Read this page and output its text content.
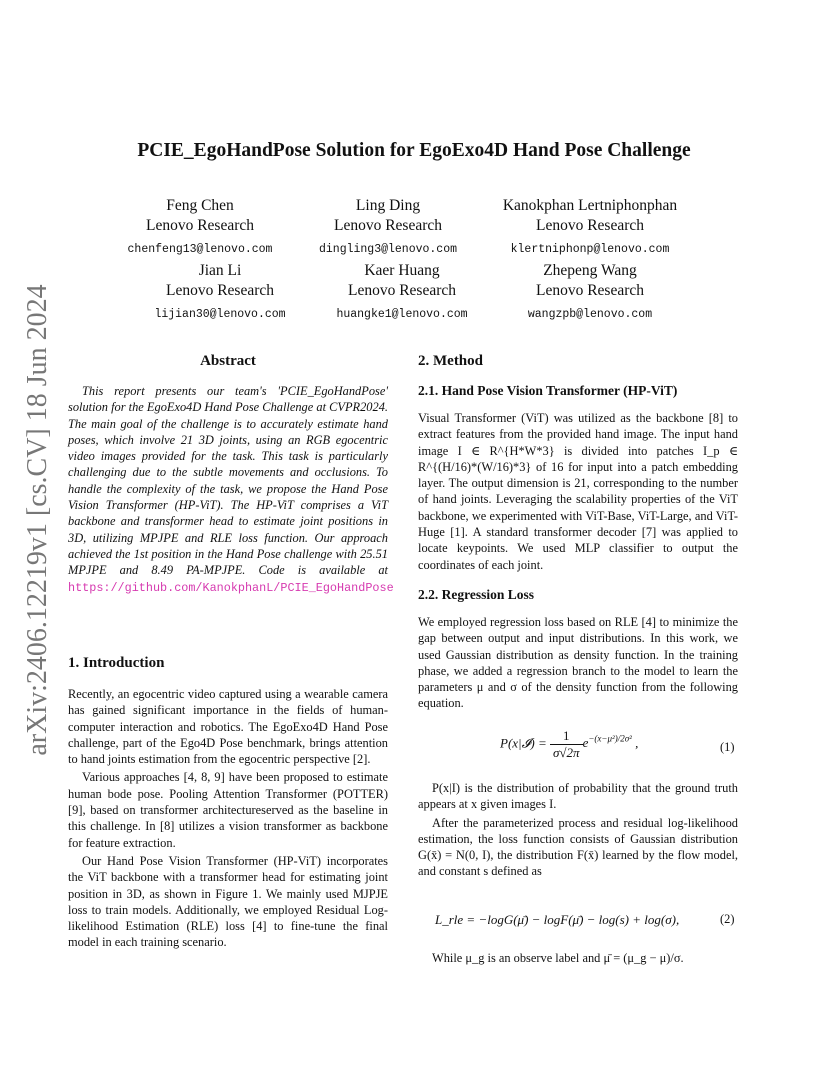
arXiv:2406.12219v1 [cs.CV] 18 Jun 2024
PCIE_EgoHandPose Solution for EgoExo4D Hand Pose Challenge
Feng Chen
Lenovo Research
chenfeng13@lenovo.com
Ling Ding
Lenovo Research
dingling3@lenovo.com
Kanokphan Lertniphonphan
Lenovo Research
klertniphonp@lenovo.com
Jian Li
Lenovo Research
lijian30@lenovo.com
Kaer Huang
Lenovo Research
huangke1@lenovo.com
Zhepeng Wang
Lenovo Research
wangzpb@lenovo.com
Abstract
This report presents our team's 'PCIE_EgoHandPose' solution for the EgoExo4D Hand Pose Challenge at CVPR2024. The main goal of the challenge is to accurately estimate hand poses, which involve 21 3D joints, using an RGB egocentric video images provided for the task. This task is particularly challenging due to the subtle movements and occlusions. To handle the complexity of the task, we propose the Hand Pose Vision Transformer (HP-ViT). The HP-ViT comprises a ViT backbone and transformer head to estimate joint positions in 3D, utilizing MPJPE and RLE loss function. Our approach achieved the 1st position in the Hand Pose challenge with 25.51 MPJPE and 8.49 PA-MPJPE. Code is available at https://github.com/KanokphanL/PCIE_EgoHandPose
1. Introduction

Recently, an egocentric video captured using a wearable camera has gained significant importance in the fields of human-computer interaction and robotics. The EgoExo4D Hand Pose challenge, part of the Ego4D Pose benchmark, brings attention to hand joints estimation from the egocentric perspective [2].

Various approaches [4, 8, 9] have been proposed to estimate human bode pose. Pooling Attention Transformer (POTTER) [9], based on transformer architectureserved as the baseline in this challenge. In [8] utilizes a vision transformer as backbone for feature extraction.

Our Hand Pose Vision Transformer (HP-ViT) incorporates the ViT backbone with a transformer head for estimating joint position in 3D, as shown in Figure 1. We mainly used MJPJE loss to train models. Additionally, we employed Residual Log-likelihood Estimation (RLE) loss [4] to fine-tune the final model in each training scenario.

2. Method
2.1. Hand Pose Vision Transformer (HP-ViT)

Visual Transformer (ViT) was utilized as the backbone [8] to extract features from the provided hand image. The input hand image I ∈ R^{H*W*3} is divided into patches I_p ∈ R^{(H/16)*(W/16)*3} of 16 for input into a patch embedding layer. The output dimension is 21, corresponding to the number of hand joints. Leveraging the scalability properties of the ViT backbone, we experimented with ViT-Base, ViT-Large, and ViT-Huge [1]. A standard transformer decoder [7] was applied to locate keypoints. We used MLP classifier to output the coordinates of each joint.

2.2. Regression Loss

We employed regression loss based on RLE [4] to minimize the gap between output and input distributions. In this work, we used Gaussian distribution as density function. In the training phase, we added a regression branch to the model to learn the parameters μ and σ of the density function from the following equation.

P(x|𝓘) = $\frac{1}{\sigma√2\pi} e^{-(x-\mu^2)/2\sigma^2}$ ,	(1)

P(x|I) is the distribution of probability that the ground truth appears at x given images I.

After the parameterized process and residual log-likelihood estimation, the loss function consists of Gaussian distribution G(x̄) = N(0, I), the distribution F(x̄) learned by the flow model, and constant s defined as

L_rle = −logG(μ̄) − logF(μ̄) − log(s) + log(σ),	(2)
While μ_g is an observe label and μ̄ = (μ_g − μ)/σ.
